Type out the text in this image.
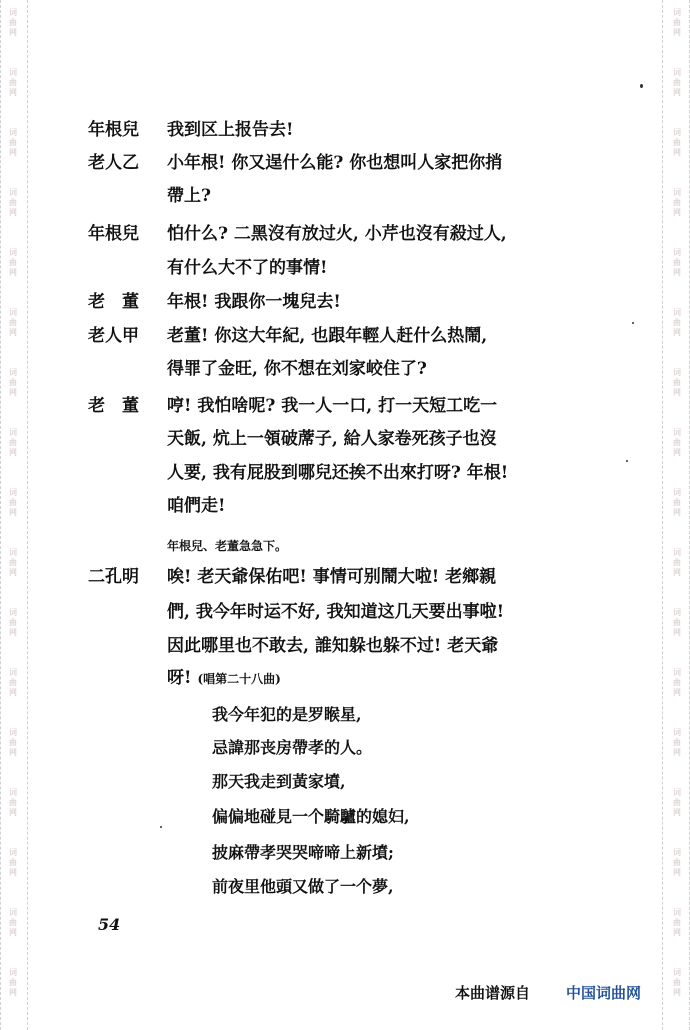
词
曲
网
词
曲
网
词
曲
网
词
曲
网
词
曲
网
词
曲
网
词
曲
网
词
曲
网
词
曲
网
词
曲
网
词
曲
网
词
曲
网
词
曲
网
词
曲
网
词
曲
网
词
曲
网
词
曲
网
词
曲
网
词
曲
网
词
曲
网
词
曲
网
词
曲
网
词
曲
网
词
曲
网
词
曲
网
词
曲
网
词
曲
网
词
曲
网
词
曲
网
词
曲
网
词
曲
网
词
曲
网
词
曲
网
词
曲
网
年根兒 我到区上报告去!
老人乙 小年根! 你又逞什么能? 你也想叫人家把你捎
帶上?
年根兒 怕什么? 二黑沒有放过火, 小芹也沒有殺过人,
有什么大不了的事情!
老　董 年根! 我跟你一塊兒去!
老人甲 老董! 你这大年紀, 也跟年輕人赶什么热鬧,
得罪了金旺, 你不想在刘家峧住了?
老　董 哼! 我怕啥呢? 我一人一口, 打一天短工吃一
天飯, 炕上一領破蓆子, 給人家卷死孩子也沒
人要, 我有屁股到哪兒还挨不出來打呀? 年根!
咱們走!
年根兒、老董急急下。
二孔明 唉! 老天爺保佑吧! 事情可别鬧大啦! 老鄉親
們, 我今年时运不好, 我知道这几天要出事啦!
因此哪里也不敢去, 誰知躲也躲不过! 老天爺
呀! (唱第二十八曲)
我今年犯的是罗睺星,
忌諱那丧房帶孝的人。
那天我走到黃家墳,
偏偏地碰見一个騎驢的媳妇,
披麻帶孝哭哭啼啼上新墳;
前夜里他頭又做了一个夢,
54
本曲谱源自 中国词曲网
